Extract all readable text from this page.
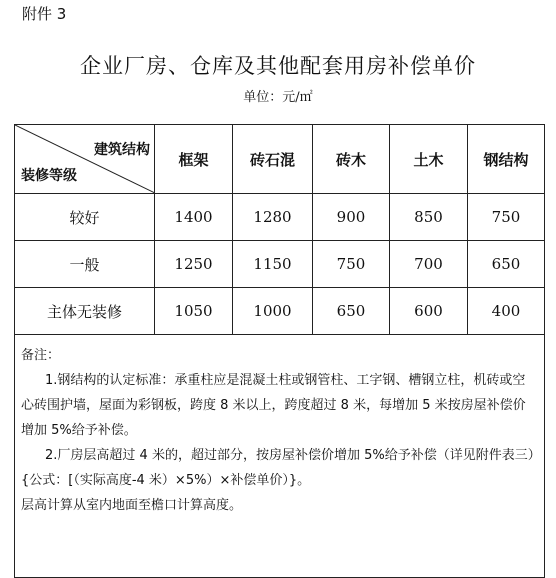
附件 3
企业厂房、仓库及其他配套用房补偿单价
单位：元/㎡
建筑结构
装修等级	框架	砖石混	砖木	土木	钢结构
较好	1400	1280	900	850	750
一般	1250	1150	750	700	650
主体无装修	1050	1000	650	600	400

备注：
1.钢结构的认定标准：承重柱应是混凝土柱或钢管柱、工字钢、槽钢立柱，机砖或空心砖围护墙，屋面为彩钢板，跨度 8 米以上，跨度超过 8 米，每增加 5 米按房屋补偿价增加 5%给予补偿。
2.厂房层高超过 4 米的，超过部分，按房屋补偿价增加 5%给予补偿（详见附件表三）{公式：[（实际高度-4 米）×5%）×补偿单价）}。
层高计算从室内地面至檐口计算高度。					
